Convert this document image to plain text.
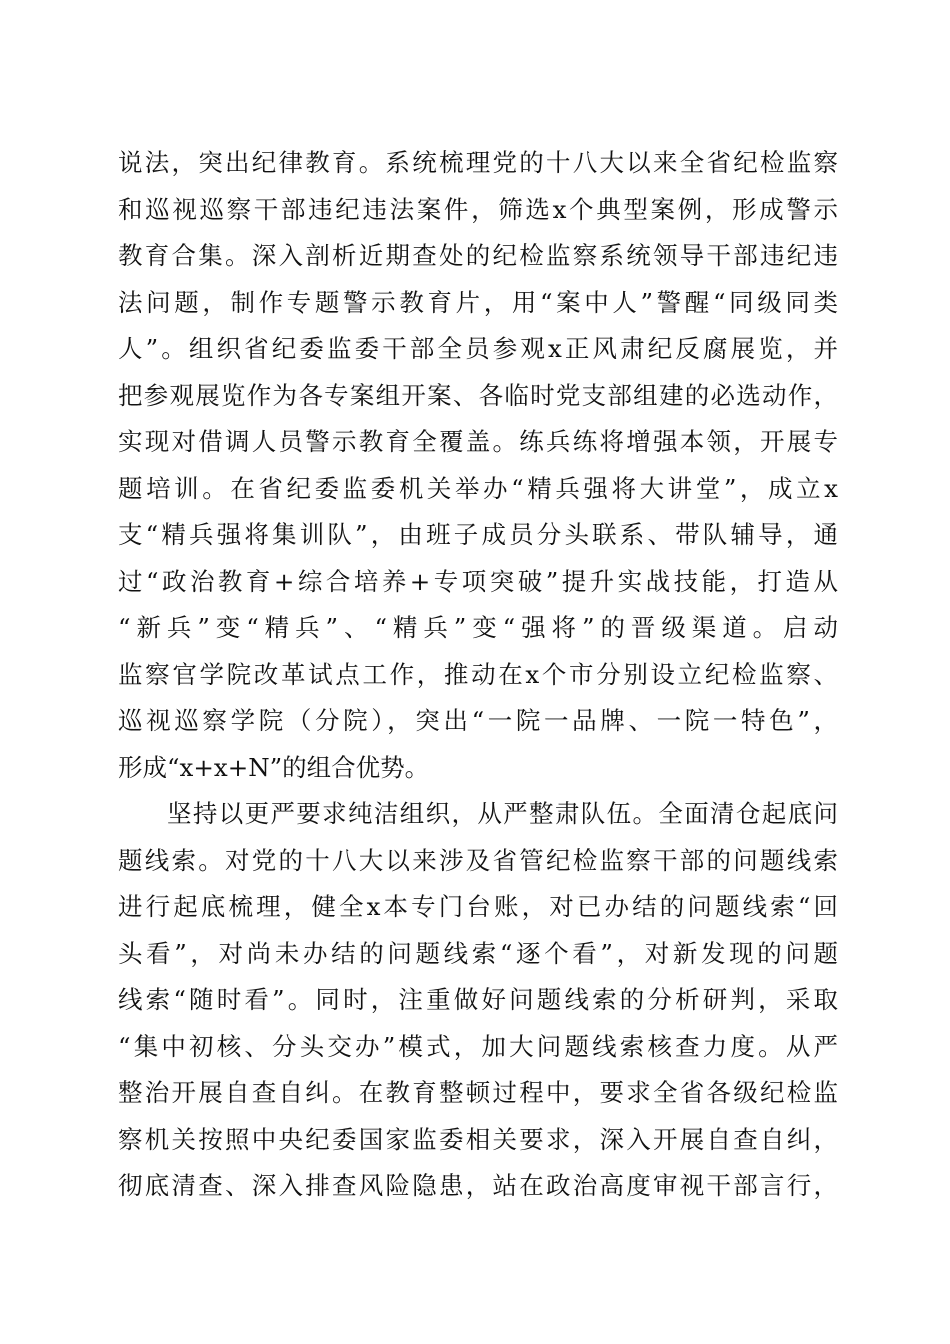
说法，突出纪律教育。系统梳理党的十八大以来全省纪检监察
和巡视巡察干部违纪违法案件，筛选x个典型案例，形成警示
教育合集。深入剖析近期查处的纪检监察系统领导干部违纪违
法问题，制作专题警示教育片，用“案中人”警醒“同级同类
人”。组织省纪委监委干部全员参观x正风肃纪反腐展览，并
把参观展览作为各专案组开案、各临时党支部组建的必选动作，
实现对借调人员警示教育全覆盖。练兵练将增强本领，开展专
题培训。在省纪委监委机关举办“精兵强将大讲堂”，成立x
支“精兵强将集训队”，由班子成员分头联系、带队辅导，通
过“政治教育+综合培养+专项突破”提升实战技能，打造从
“新兵”变“精兵”、“精兵”变“强将”的晋级渠道。启动
监察官学院改革试点工作，推动在x个市分别设立纪检监察、
巡视巡察学院（分院），突出“一院一品牌、一院一特色”，
形成“x+x+N”的组合优势。
坚持以更严要求纯洁组织，从严整肃队伍。全面清仓起底问
题线索。对党的十八大以来涉及省管纪检监察干部的问题线索
进行起底梳理，健全x本专门台账，对已办结的问题线索“回
头看”，对尚未办结的问题线索“逐个看”，对新发现的问题
线索“随时看”。同时，注重做好问题线索的分析研判，采取
“集中初核、分头交办”模式，加大问题线索核查力度。从严
整治开展自查自纠。在教育整顿过程中，要求全省各级纪检监
察机关按照中央纪委国家监委相关要求，深入开展自查自纠，
彻底清查、深入排查风险隐患，站在政治高度审视干部言行，
